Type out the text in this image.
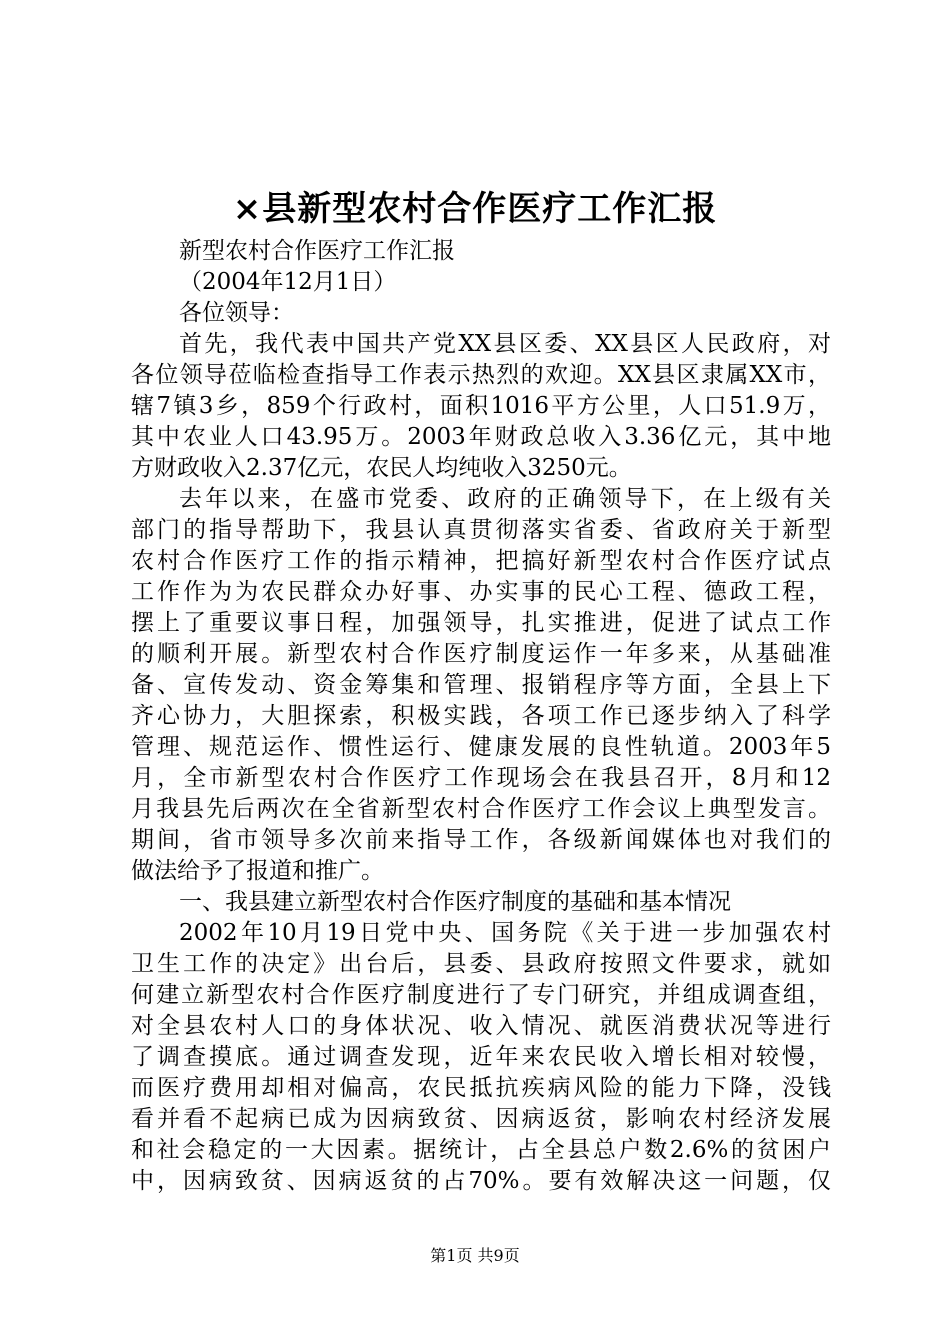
×县新型农村合作医疗工作汇报
新型农村合作医疗工作汇报
（2004年12月1日）
各位领导：
首先，我代表中国共产党XX县区委、XX县区人民政府，对
各位领导莅临检查指导工作表示热烈的欢迎。XX县区隶属XX市，
辖7镇3乡，859个行政村，面积1016平方公里，人口51.9万，
其中农业人口43.95万。2003年财政总收入3.36亿元，其中地
方财政收入2.37亿元，农民人均纯收入3250元。
去年以来，在盛市党委、政府的正确领导下，在上级有关
部门的指导帮助下，我县认真贯彻落实省委、省政府关于新型
农村合作医疗工作的指示精神，把搞好新型农村合作医疗试点
工作作为为农民群众办好事、办实事的民心工程、德政工程，
摆上了重要议事日程，加强领导，扎实推进，促进了试点工作
的顺利开展。新型农村合作医疗制度运作一年多来，从基础准
备、宣传发动、资金筹集和管理、报销程序等方面，全县上下
齐心协力，大胆探索，积极实践，各项工作已逐步纳入了科学
管理、规范运作、惯性运行、健康发展的良性轨道。2003年5
月，全市新型农村合作医疗工作现场会在我县召开，8月和12
月我县先后两次在全省新型农村合作医疗工作会议上典型发言。
期间，省市领导多次前来指导工作，各级新闻媒体也对我们的
做法给予了报道和推广。
一、我县建立新型农村合作医疗制度的基础和基本情况
2002年10月19日党中央、国务院《关于进一步加强农村
卫生工作的决定》出台后，县委、县政府按照文件要求，就如
何建立新型农村合作医疗制度进行了专门研究，并组成调查组，
对全县农村人口的身体状况、收入情况、就医消费状况等进行
了调查摸底。通过调查发现，近年来农民收入增长相对较慢，
而医疗费用却相对偏高，农民抵抗疾病风险的能力下降，没钱
看并看不起病已成为因病致贫、因病返贫，影响农村经济发展
和社会稳定的一大因素。据统计，占全县总户数2.6%的贫困户
中，因病致贫、因病返贫的占70%。要有效解决这一问题，仅
第1页 共9页
